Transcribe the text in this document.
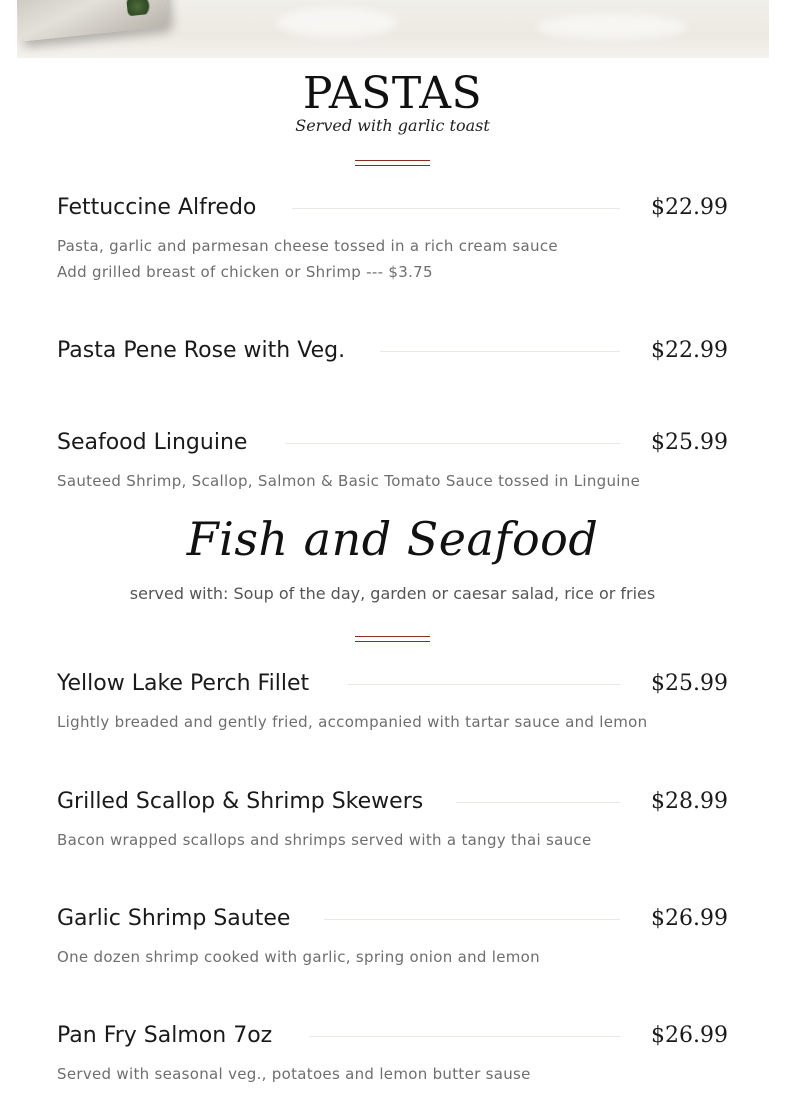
PASTAS
Served with garlic toast
Fettuccine Alfredo	$22.99
Pasta, garlic and parmesan cheese tossed in a rich cream sauce
Add grilled breast of chicken or Shrimp --- $3.75
Pasta Pene Rose with Veg.	$22.99
Seafood Linguine	$25.99
Sauteed Shrimp, Scallop, Salmon & Basic Tomato Sauce tossed in Linguine
Fish and Seafood
served with: Soup of the day, garden or caesar salad, rice or fries
Yellow Lake Perch Fillet	$25.99
Lightly breaded and gently fried, accompanied with tartar sauce and lemon
Grilled Scallop & Shrimp Skewers	$28.99
Bacon wrapped scallops and shrimps served with a tangy thai sauce
Garlic Shrimp Sautee	$26.99
One dozen shrimp cooked with garlic, spring onion and lemon
Pan Fry Salmon 7oz	$26.99
Served with seasonal veg., potatoes and lemon butter sause
